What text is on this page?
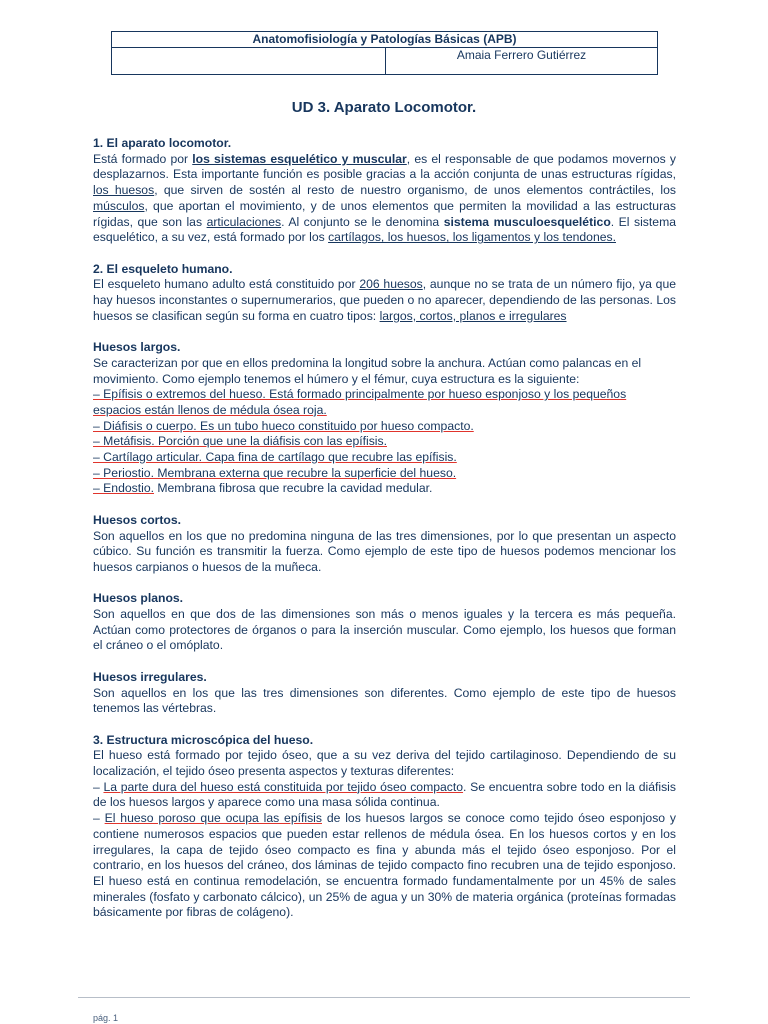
Anatomofisiología y Patologías Básicas (APB)
Amaia Ferrero Gutiérrez
UD 3. Aparato Locomotor.

1. El aparato locomotor.

Está formado por los sistemas esquelético y muscular, es el responsable de que podamos movernos y desplazarnos. Esta importante función es posible gracias a la acción conjunta de unas estructuras rígidas, los huesos, que sirven de sostén al resto de nuestro organismo, de unos elementos contráctiles, los músculos, que aportan el movimiento, y de unos elementos que permiten la movilidad a las estructuras rígidas, que son las articulaciones. Al conjunto se le denomina sistema musculoesquelético. El sistema esquelético, a su vez, está formado por los cartílagos, los huesos, los ligamentos y los tendones.

2. El esqueleto humano.

El esqueleto humano adulto está constituido por 206 huesos, aunque no se trata de un número fijo, ya que hay huesos inconstantes o supernumerarios, que pueden o no aparecer, dependiendo de las personas. Los huesos se clasifican según su forma en cuatro tipos: largos, cortos, planos e irregulares

Huesos largos.

Se caracterizan por que en ellos predomina la longitud sobre la anchura. Actúan como palancas en el movimiento. Como ejemplo tenemos el húmero y el fémur, cuya estructura es la siguiente:

– Epífisis o extremos del hueso. Está formado principalmente por hueso esponjoso y los pequeños espacios están llenos de médula ósea roja.

– Diáfisis o cuerpo. Es un tubo hueco constituido por hueso compacto.

– Metáfisis. Porción que une la diáfisis con las epífisis.

– Cartílago articular. Capa fina de cartílago que recubre las epífisis.

– Periostio. Membrana externa que recubre la superficie del hueso.

– Endostio. Membrana fibrosa que recubre la cavidad medular.

Huesos cortos.

Son aquellos en los que no predomina ninguna de las tres dimensiones, por lo que presentan un aspecto cúbico. Su función es transmitir la fuerza. Como ejemplo de este tipo de huesos podemos mencionar los huesos carpianos o huesos de la muñeca.

Huesos planos.

Son aquellos en que dos de las dimensiones son más o menos iguales y la tercera es más pequeña. Actúan como protectores de órganos o para la inserción muscular. Como ejemplo, los huesos que forman el cráneo o el omóplato.

Huesos irregulares.

Son aquellos en los que las tres dimensiones son diferentes. Como ejemplo de este tipo de huesos tenemos las vértebras.

3. Estructura microscópica del hueso.

El hueso está formado por tejido óseo, que a su vez deriva del tejido cartilaginoso. Dependiendo de su localización, el tejido óseo presenta aspectos y texturas diferentes:

– La parte dura del hueso está constituida por tejido óseo compacto. Se encuentra sobre todo en la diáfisis de los huesos largos y aparece como una masa sólida continua.

– El hueso poroso que ocupa las epífisis de los huesos largos se conoce como tejido óseo esponjoso y contiene numerosos espacios que pueden estar rellenos de médula ósea. En los huesos cortos y en los irregulares, la capa de tejido óseo compacto es fina y abunda más el tejido óseo esponjoso. Por el contrario, en los huesos del cráneo, dos láminas de tejido compacto fino recubren una de tejido esponjoso. El hueso está en continua remodelación, se encuentra formado fundamentalmente por un 45% de sales minerales (fosfato y carbonato cálcico), un 25% de agua y un 30% de materia orgánica (proteínas formadas básicamente por fibras de colágeno).

pág. 1
